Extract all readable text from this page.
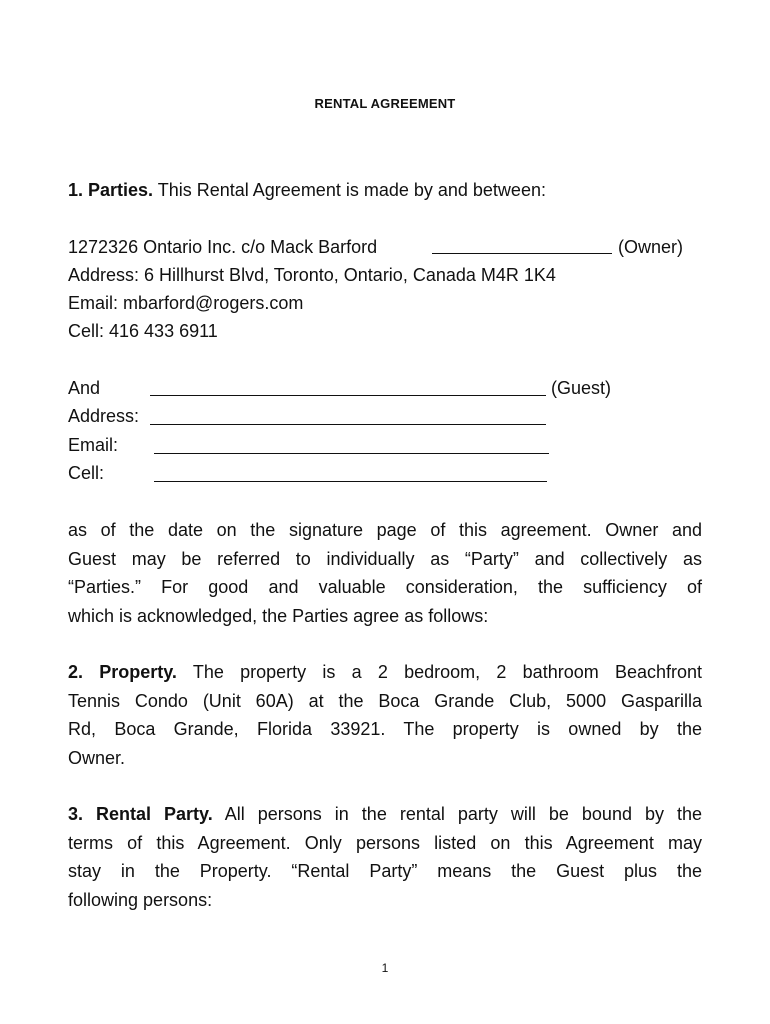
RENTAL AGREEMENT
1. Parties. This Rental Agreement is made by and between:
1272326 Ontario Inc. c/o Mack Barford	(Owner)
Address: 6 Hillhurst Blvd, Toronto, Ontario, Canada M4R 1K4
Email: mbarford@rogers.com
Cell: 416 433 6911
And	(Guest)
Address:
Email:
Cell:
as of the date on the signature page of this agreement. Owner and
Guest may be referred to individually as “Party” and collectively as
“Parties.” For good and valuable consideration, the sufficiency of
which is acknowledged, the Parties agree as follows:
2. Property. The property is a 2 bedroom, 2 bathroom Beachfront
Tennis Condo (Unit 60A) at the Boca Grande Club, 5000 Gasparilla
Rd, Boca Grande, Florida 33921. The property is owned by the
Owner.
3. Rental Party. All persons in the rental party will be bound by the
terms of this Agreement. Only persons listed on this Agreement may
stay in the Property. “Rental Party” means the Guest plus the
following persons:
1
